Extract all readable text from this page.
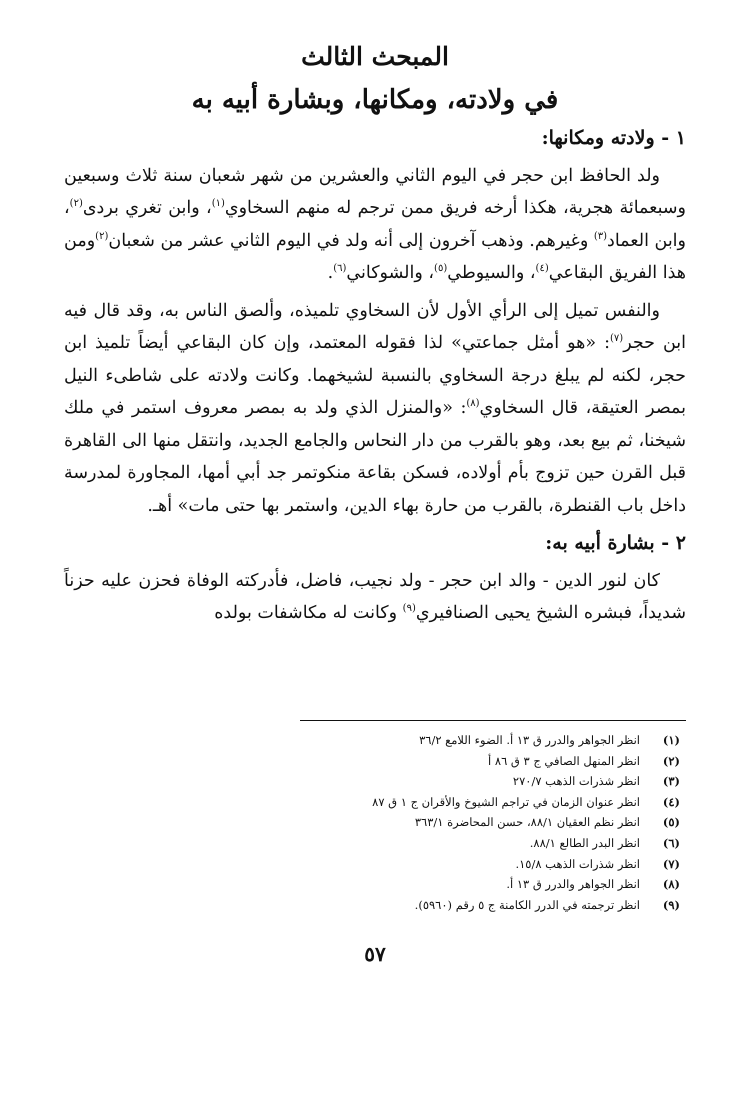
المبحث الثالث
في ولادته، ومكانها، وبشارة أبيه به

١ - ولادته ومكانها:

ولد الحافظ ابن حجر في اليوم الثاني والعشرين من شهر شعبان سنة ثلاث وسبعين وسبعمائة هجرية، هكذا أرخه فريق ممن ترجم له منهم السخاوي$^{(١)}$، وابن تغري بردى$^{(٢)}$، وابن العماد$^{(٣)}$ وغيرهم. وذهب آخرون إلى أنه ولد في اليوم الثاني عشر من شعبان$^{(٢)}$ومن هذا الفريق البقاعي$^{(٤)}$، والسيوطي$^{(٥)}$، والشوكاني$^{(٦)}$.

والنفس تميل إلى الرأي الأول لأن السخاوي تلميذه، وألصق الناس به، وقد قال فيه ابن حجر$^{(٧)}$: «هو أمثل جماعتي» لذا فقوله المعتمد، وإن كان البقاعي أيضاً تلميذ ابن حجر، لكنه لم يبلغ درجة السخاوي بالنسبة لشيخهما. وكانت ولادته على شاطىء النيل بمصر العتيقة، قال السخاوي$^{(٨)}$: «والمنزل الذي ولد به بمصر معروف استمر في ملك شيخنا، ثم بيع بعد، وهو بالقرب من دار النحاس والجامع الجديد، وانتقل منها الى القاهرة قبل القرن حين تزوج بأم أولاده، فسكن بقاعة منكوتمر جد أبي أمها، المجاورة لمدرسة داخل باب القنطرة، بالقرب من حارة بهاء الدين، واستمر بها حتى مات» أهـ.

٢ - بشارة أبيه به:

كان لنور الدين - والد ابن حجر - ولد نجيب، فاضل، فأدركته الوفاة فحزن عليه حزناً شديداً، فبشره الشيخ يحيى الصنافيري$^{(٩)}$ وكانت له مكاشفات بولده

(١)
انظر الجواهر والدرر ق ١٣ أ. الضوء اللامع ٣٦/٢
(٢)
انظر المنهل الصافي ج ٣ ق ٨٦ أ
(٣)
انظر شذرات الذهب ٢٧٠/٧
(٤)
انظر عنوان الزمان في تراجم الشيوخ والأقران ج ١ ق ٨٧
(٥)
انظر نظم العقيان ٨٨/١، حسن المحاضرة ٣٦٣/١
(٦)
انظر البدر الطالع ٨٨/١.
(٧)
انظر شذرات الذهب ١٥/٨.
(٨)
انظر الجواهر والدرر ق ١٣ أ.
(٩)
انظر ترجمته في الدرر الكامنة ج ٥ رقم (٥٩٦٠).
٥٧
